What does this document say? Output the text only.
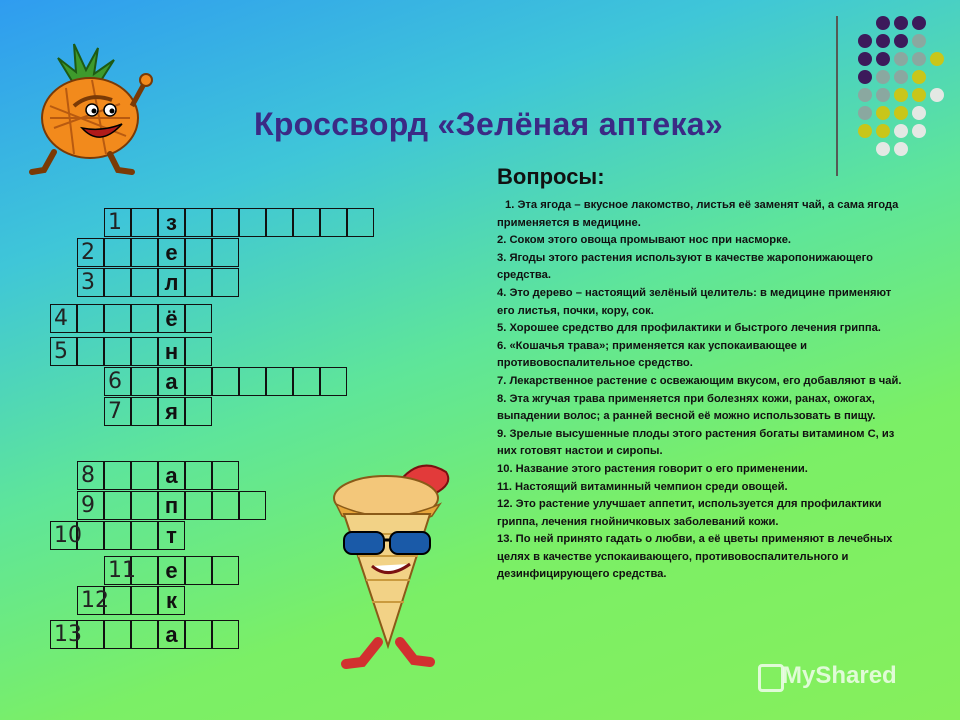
Кроссворд «Зелёная аптека»
1	з
2	е
3	л
4	ё
5	н
6	а
7	я
8	а
9	п
10	т
11	е
12	к
13	а
Вопросы:
1. Эта ягода – вкусное лакомство, листья её заменят чай, а сама ягода применяется в медицине.
2. Соком этого овоща промывают нос при насморке.
3. Ягоды этого растения используют в качестве жаропонижающего средства.
4. Это дерево – настоящий зелёный целитель: в медицине применяют его листья, почки, кору, сок.
5. Хорошее средство для профилактики и быстрого лечения гриппа.
6. «Кошачья трава»; применяется как успокаивающее и противовоспалительное средство.
7. Лекарственное растение с освежающим вкусом, его добавляют в чай.
8. Эта жгучая трава применяется при болезнях кожи, ранах, ожогах, выпадении волос; а ранней весной её можно использовать в пищу.
9. Зрелые высушенные плоды этого растения богаты витамином С, из них готовят настои и сиропы.
10. Название этого растения говорит о его применении.
11. Настоящий витаминный чемпион среди овощей.
12. Это растение улучшает аппетит, используется для профилактики гриппа, лечения гнойничковых заболеваний кожи.
13. По ней принято гадать о любви, а её цветы применяют в лечебных целях в качестве успокаивающего, противовоспалительного и дезинфицирующего средства.
MyShared
